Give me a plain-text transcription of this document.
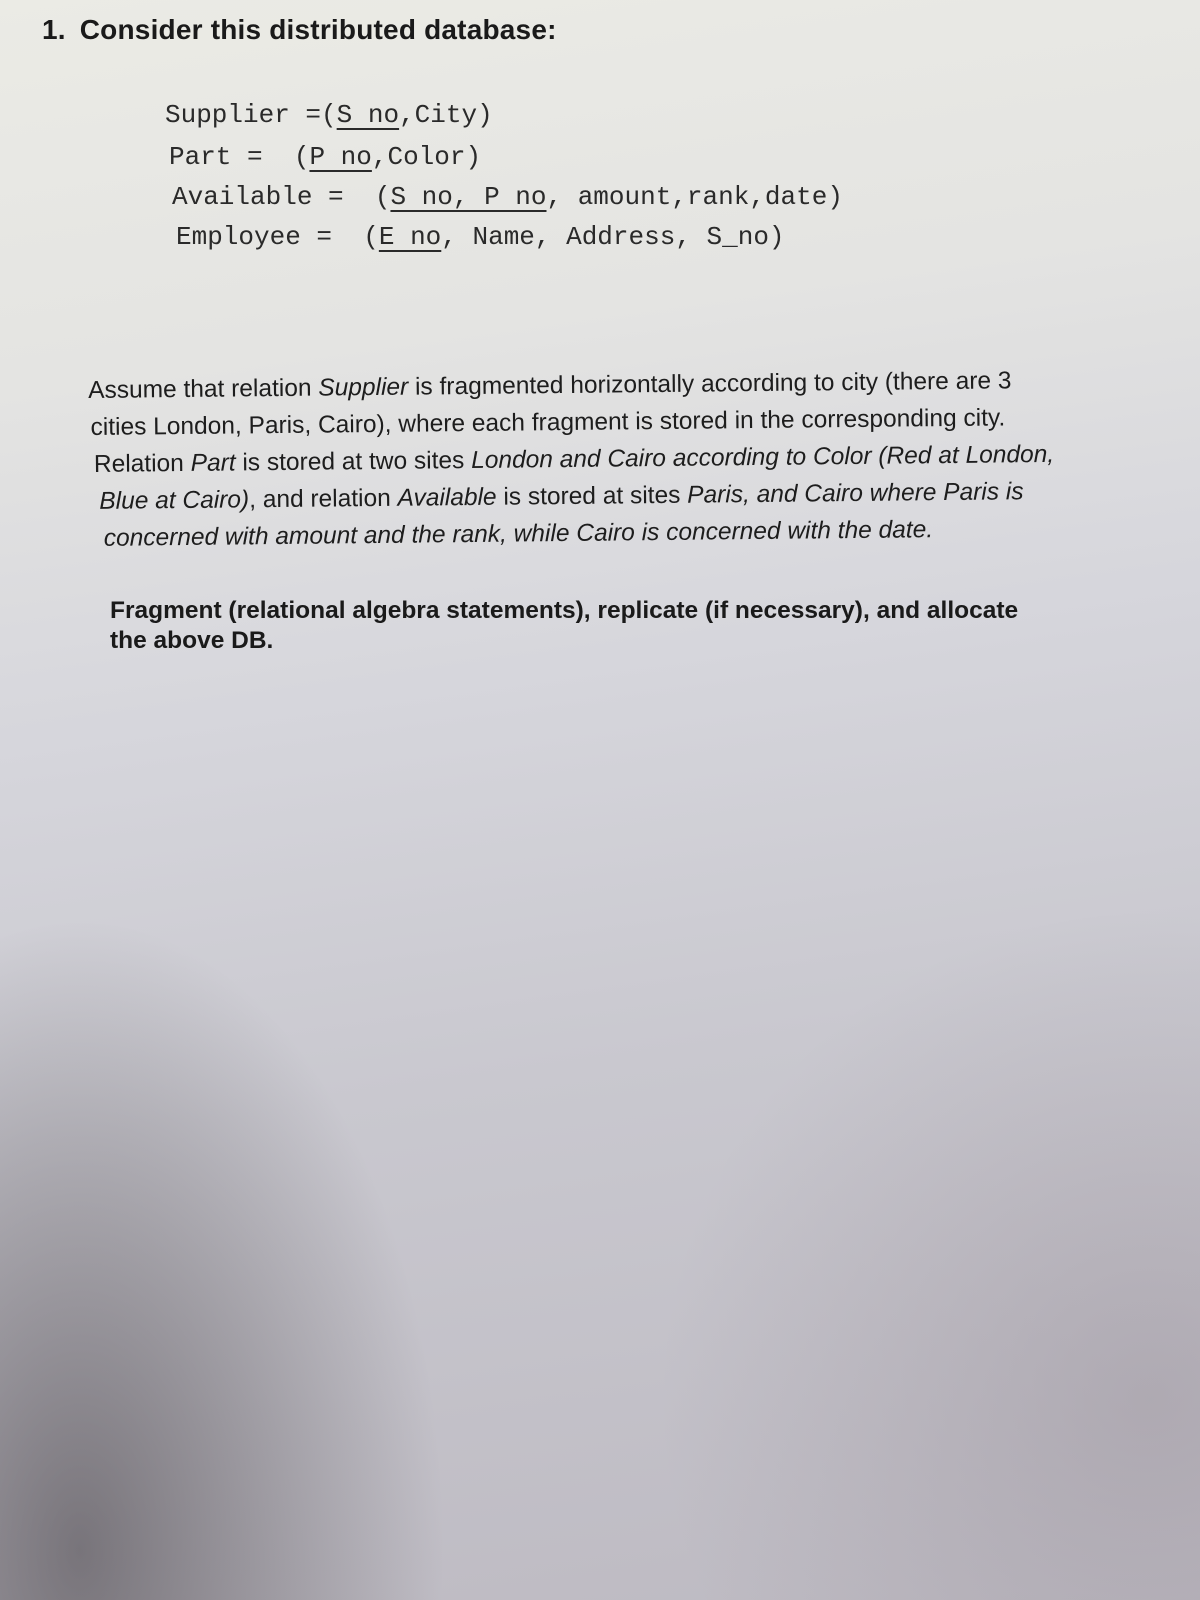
1. Consider this distributed database:
Supplier =(S no,City)
Part =  (P no,Color)
Available =  (S no, P no, amount,rank,date)
Employee =  (E no, Name, Address, S_no)
Assume that relation Supplier is fragmented horizontally according to city (there are 3
cities London, Paris, Cairo), where each fragment is stored in the corresponding city.
Relation Part is stored at two sites London and Cairo according to Color (Red at London,
Blue at Cairo), and relation Available is stored at sites Paris, and Cairo where Paris is
concerned with amount and the rank, while Cairo is concerned with the date.
Fragment (relational algebra statements), replicate (if necessary), and allocate
the above DB.
